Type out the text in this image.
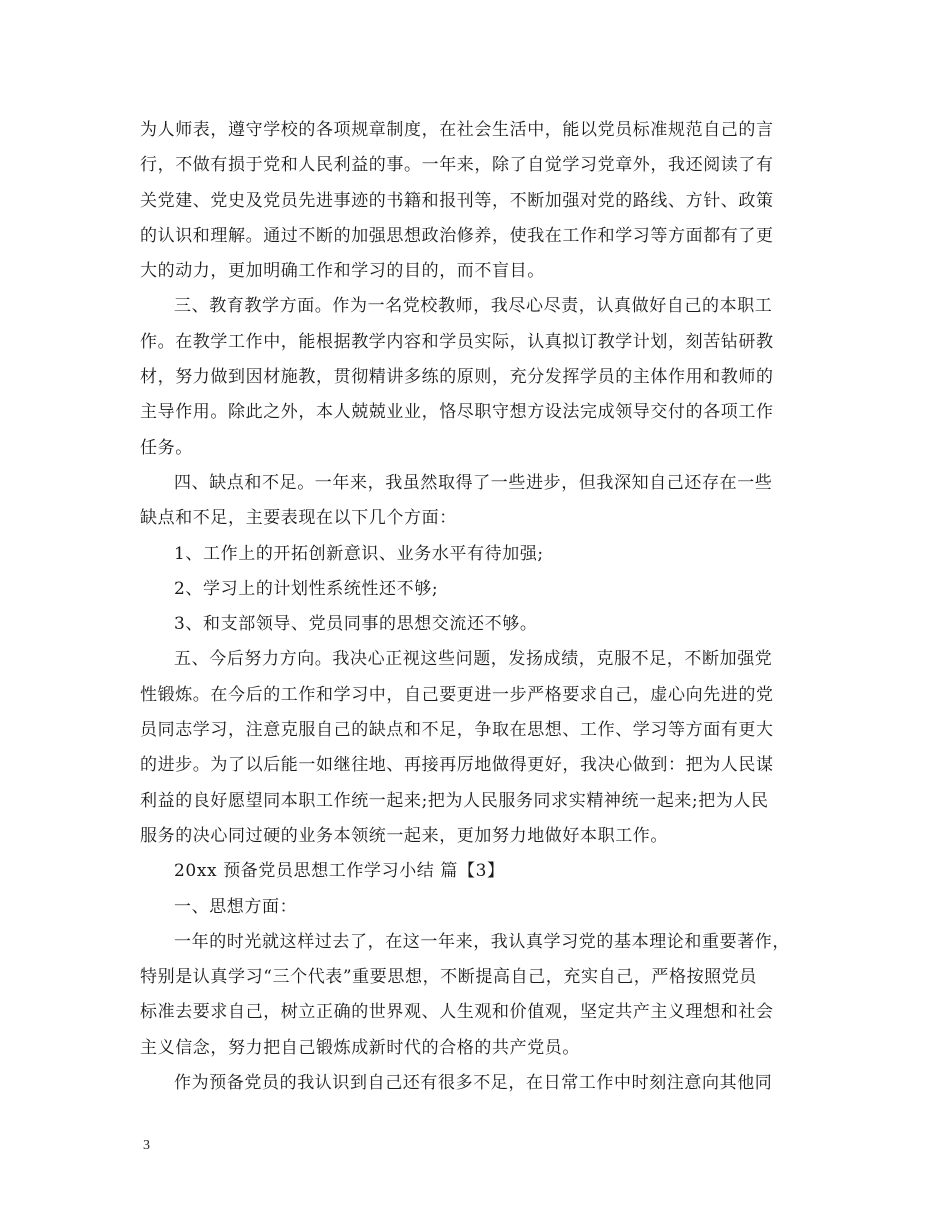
为人师表，遵守学校的各项规章制度，在社会生活中，能以党员标准规范自己的言
行，不做有损于党和人民利益的事。一年来，除了自觉学习党章外，我还阅读了有
关党建、党史及党员先进事迹的书籍和报刊等，不断加强对党的路线、方针、政策
的认识和理解。通过不断的加强思想政治修养，使我在工作和学习等方面都有了更
大的动力，更加明确工作和学习的目的，而不盲目。
三、教育教学方面。作为一名党校教师，我尽心尽责，认真做好自己的本职工
作。在教学工作中，能根据教学内容和学员实际，认真拟订教学计划，刻苦钻研教
材，努力做到因材施教，贯彻精讲多练的原则，充分发挥学员的主体作用和教师的
主导作用。除此之外，本人兢兢业业，恪尽职守想方设法完成领导交付的各项工作
任务。
四、缺点和不足。一年来，我虽然取得了一些进步，但我深知自己还存在一些
缺点和不足，主要表现在以下几个方面：
1、工作上的开拓创新意识、业务水平有待加强;
2、学习上的计划性系统性还不够;
3、和支部领导、党员同事的思想交流还不够。
五、今后努力方向。我决心正视这些问题，发扬成绩，克服不足，不断加强党
性锻炼。在今后的工作和学习中，自己要更进一步严格要求自己，虚心向先进的党
员同志学习，注意克服自己的缺点和不足，争取在思想、工作、学习等方面有更大
的进步。为了以后能一如继往地、再接再厉地做得更好，我决心做到：把为人民谋
利益的良好愿望同本职工作统一起来;把为人民服务同求实精神统一起来;把为人民
服务的决心同过硬的业务本领统一起来，更加努力地做好本职工作。
20xx 预备党员思想工作学习小结 篇【3】
一、思想方面：
一年的时光就这样过去了，在这一年来，我认真学习党的基本理论和重要著作，
特别是认真学习“三个代表”重要思想，不断提高自己，充实自己，严格按照党员
标准去要求自己，树立正确的世界观、人生观和价值观，坚定共产主义理想和社会
主义信念，努力把自己锻炼成新时代的合格的共产党员。
作为预备党员的我认识到自己还有很多不足，在日常工作中时刻注意向其他同
3
